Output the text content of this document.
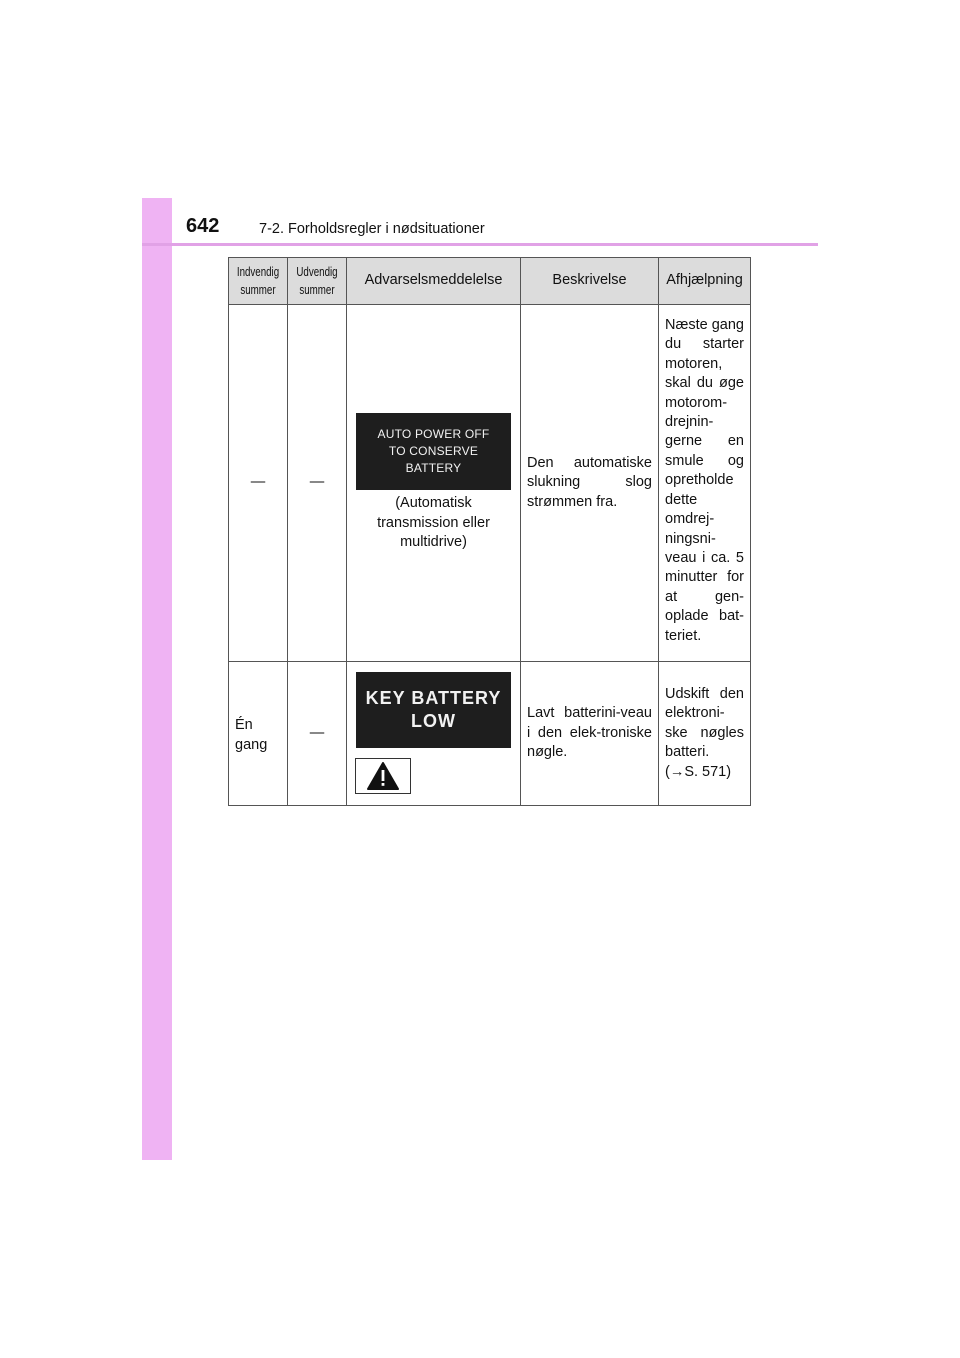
642	7-2. Forholdsregler i nødsituationer
Indvendig
summer	Udvendig
summer	Advarselsmeddelelse	Beskrivelse	Afhjælpning
—	—	AUTO POWER OFF
TO CONSERVE
BATTERY
(Automatisk transmission eller multidrive)	Den automatiske slukning slog strømmen fra.	Næste gang du starter motoren, skal du øge motorom-drejnin-gerne en smule og opretholde dette omdrej-ningsni-veau i ca. 5 minutter for at gen-oplade bat-teriet.
Én gang	—	KEY BATTERY
LOW	Lavt batterini-veau i den elek-troniske nøgle.	Udskift den elektroni-ske nøgles batteri. (→S. 571)
